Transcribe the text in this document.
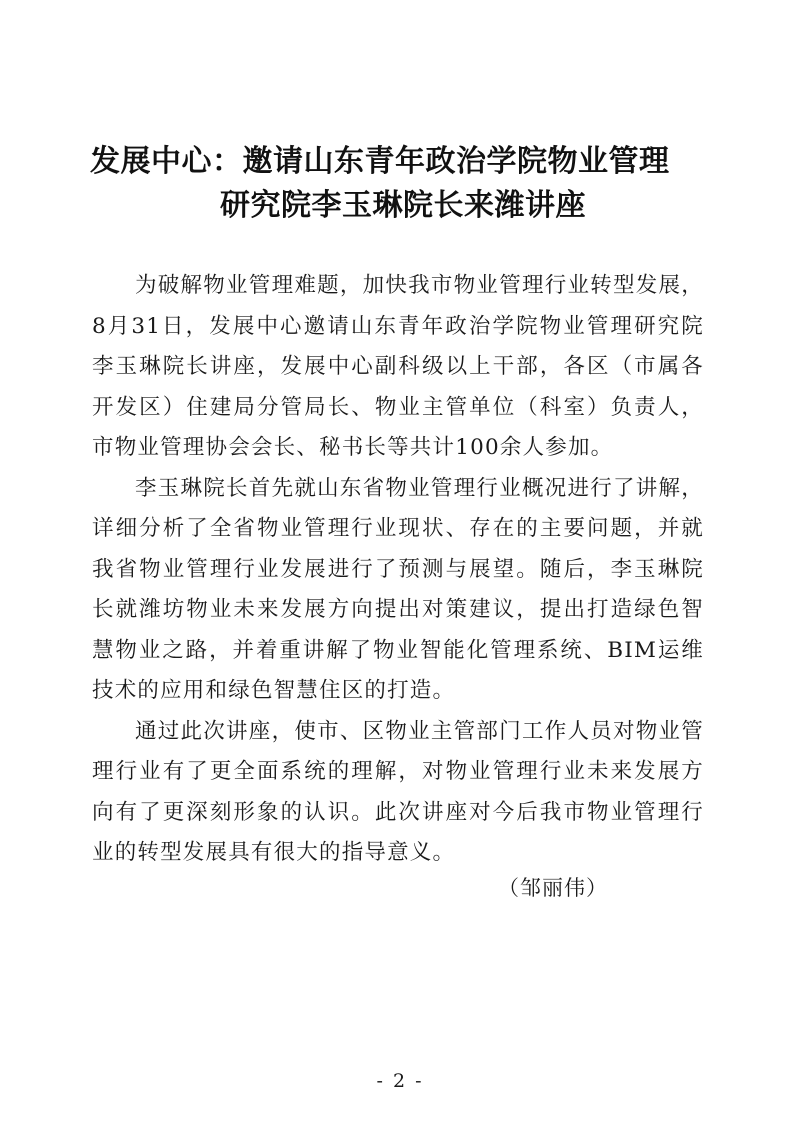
发展中心：邀请山东青年政治学院物业管理
研究院李玉琳院长来潍讲座

为破解物业管理难题，加快我市物业管理行业转型发展，8月31日，发展中心邀请山东青年政治学院物业管理研究院李玉琳院长讲座，发展中心副科级以上干部，各区（市属各开发区）住建局分管局长、物业主管单位（科室）负责人，市物业管理协会会长、秘书长等共计100余人参加。

李玉琳院长首先就山东省物业管理行业概况进行了讲解，详细分析了全省物业管理行业现状、存在的主要问题，并就我省物业管理行业发展进行了预测与展望。随后，李玉琳院长就潍坊物业未来发展方向提出对策建议，提出打造绿色智慧物业之路，并着重讲解了物业智能化管理系统、BIM运维技术的应用和绿色智慧住区的打造。

通过此次讲座，使市、区物业主管部门工作人员对物业管理行业有了更全面系统的理解，对物业管理行业未来发展方向有了更深刻形象的认识。此次讲座对今后我市物业管理行业的转型发展具有很大的指导意义。

（邹丽伟）
- 2 -
